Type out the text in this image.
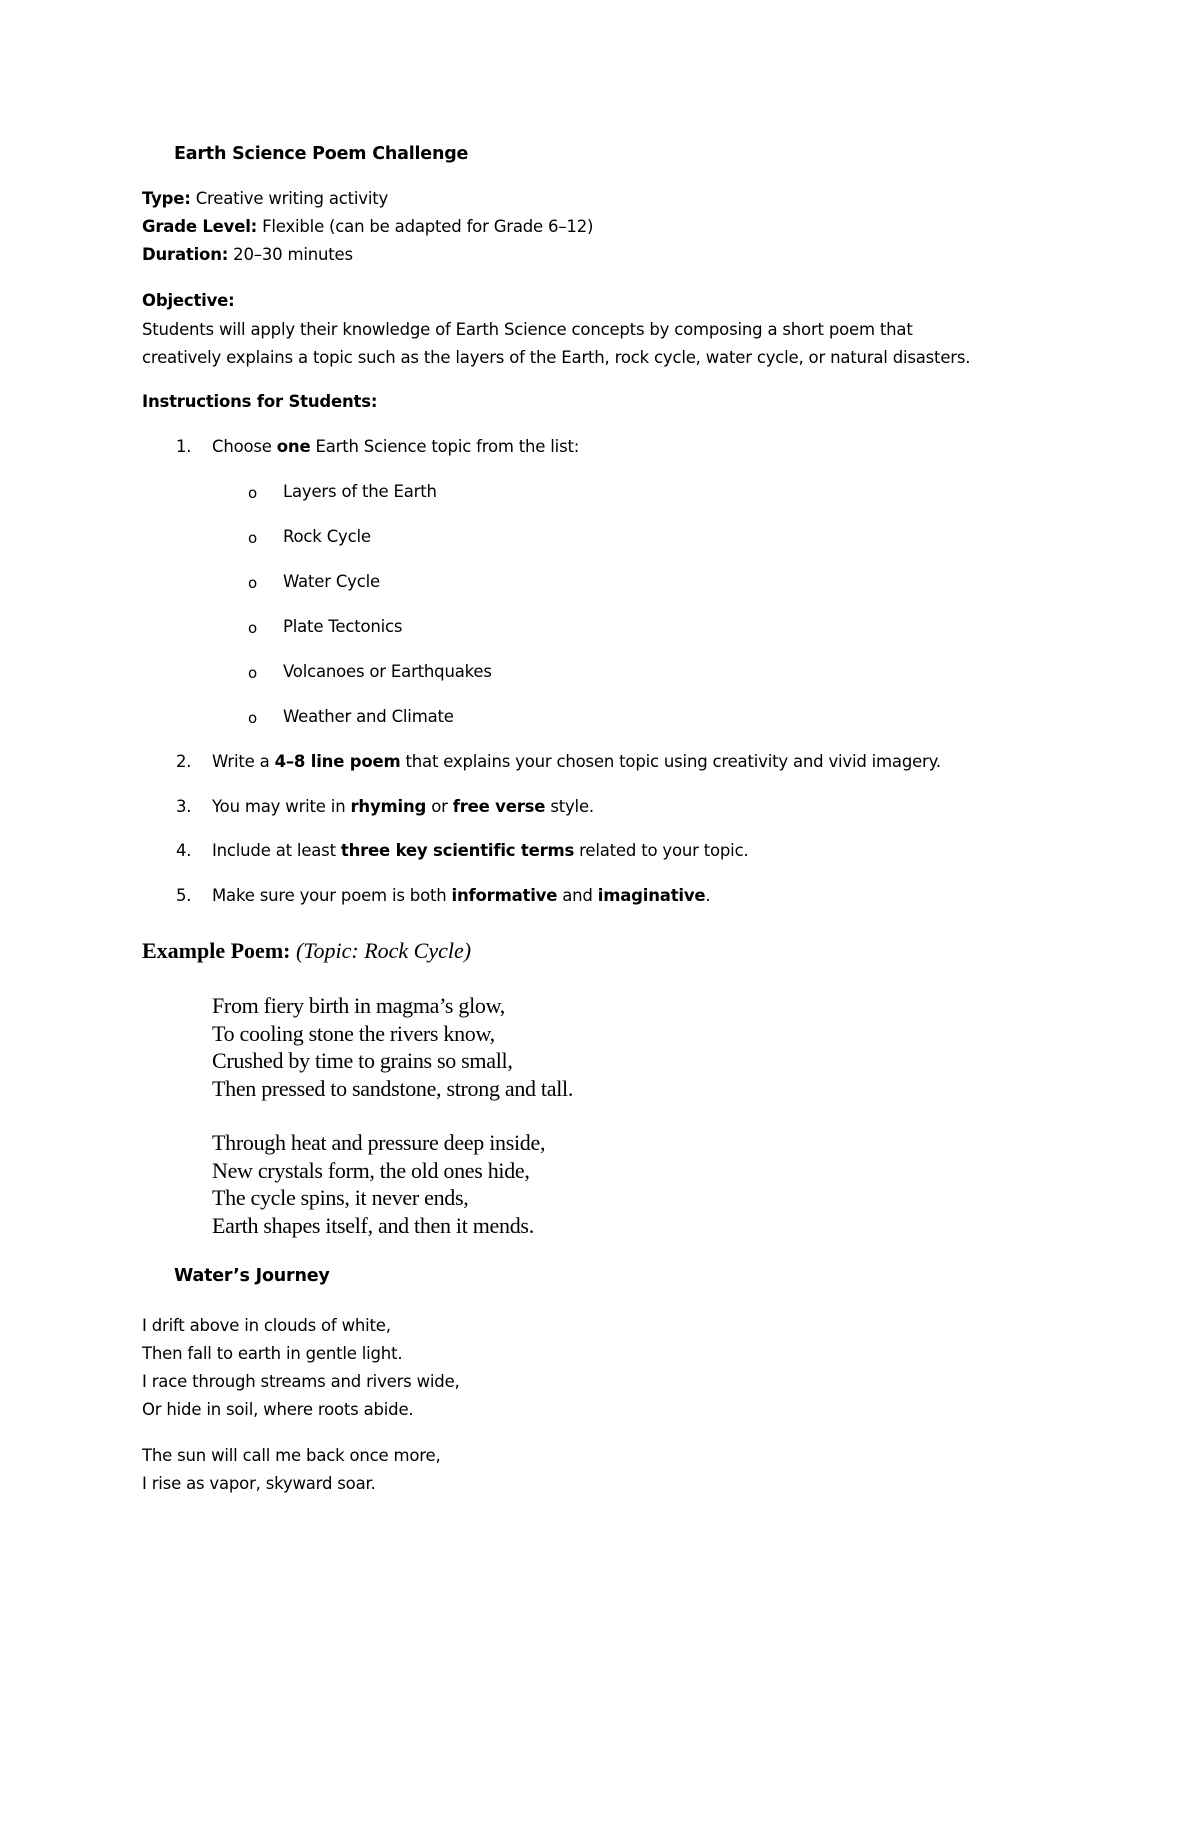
Earth Science Poem Challenge
Type: Creative writing activity
Grade Level: Flexible (can be adapted for Grade 6–12)
Duration: 20–30 minutes
Objective:
Students will apply their knowledge of Earth Science concepts by composing a short poem that
creatively explains a topic such as the layers of the Earth, rock cycle, water cycle, or natural disasters.
Instructions for Students:
1. Choose one Earth Science topic from the list:
o Layers of the Earth
o Rock Cycle
o Water Cycle
o Plate Tectonics
o Volcanoes or Earthquakes
o Weather and Climate
2. Write a 4–8 line poem that explains your chosen topic using creativity and vivid imagery.
3. You may write in rhyming or free verse style.
4. Include at least three key scientific terms related to your topic.
5. Make sure your poem is both informative and imaginative.
Example Poem: (Topic: Rock Cycle)
From fiery birth in magma’s glow,
To cooling stone the rivers know,
Crushed by time to grains so small,
Then pressed to sandstone, strong and tall.
Through heat and pressure deep inside,
New crystals form, the old ones hide,
The cycle spins, it never ends,
Earth shapes itself, and then it mends.
Water’s Journey
I drift above in clouds of white,
Then fall to earth in gentle light.
I race through streams and rivers wide,
Or hide in soil, where roots abide.
The sun will call me back once more,
I rise as vapor, skyward soar.
